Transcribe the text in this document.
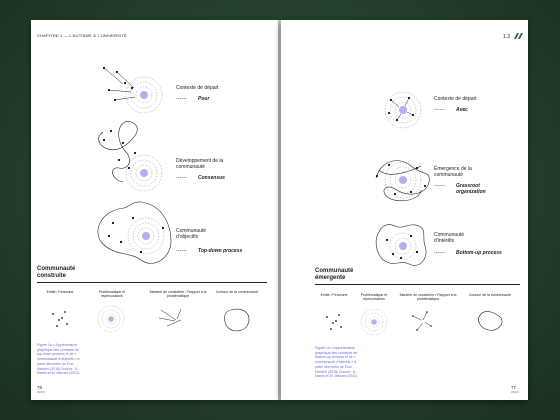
CHAPITRE 1 — L'AUTISME À L'UNIVERSITÉ
Contexte de départ
------ Pour
Développement de la communauté
------ Consensus
Communauté d'objectifs
------ Top-down process
Communauté construite
Entité / Personne	Problématique et répercussions
Manière de considérer / Rapport à la problématique
Contour de la communauté
Figure 1a « Appréhension graphique des concepts de top-down process et de « communauté d'objectifs » à partir des écrits de Ezio Manzini (2015) Source : A. Martin et M. Ménard (2021)
76
FR/EN
1.3
Contexte de départ
------ Avec
Émergence de la communauté
------ Grassroot organization
Communauté d'intérêts
------ Bottom-up process
Communauté émergente
Entité / Personne	Problématique et répercussions
Manière de considérer / Rapport à la problématique
Contour de la communauté
Figure 1b « Appréhension graphique des concepts de bottom-up process et de « communauté d'intérêts » à partir des écrits de Ezio Manzini (2015) Source : A. Martin et M. Ménard (2021)
77
FR/EN
